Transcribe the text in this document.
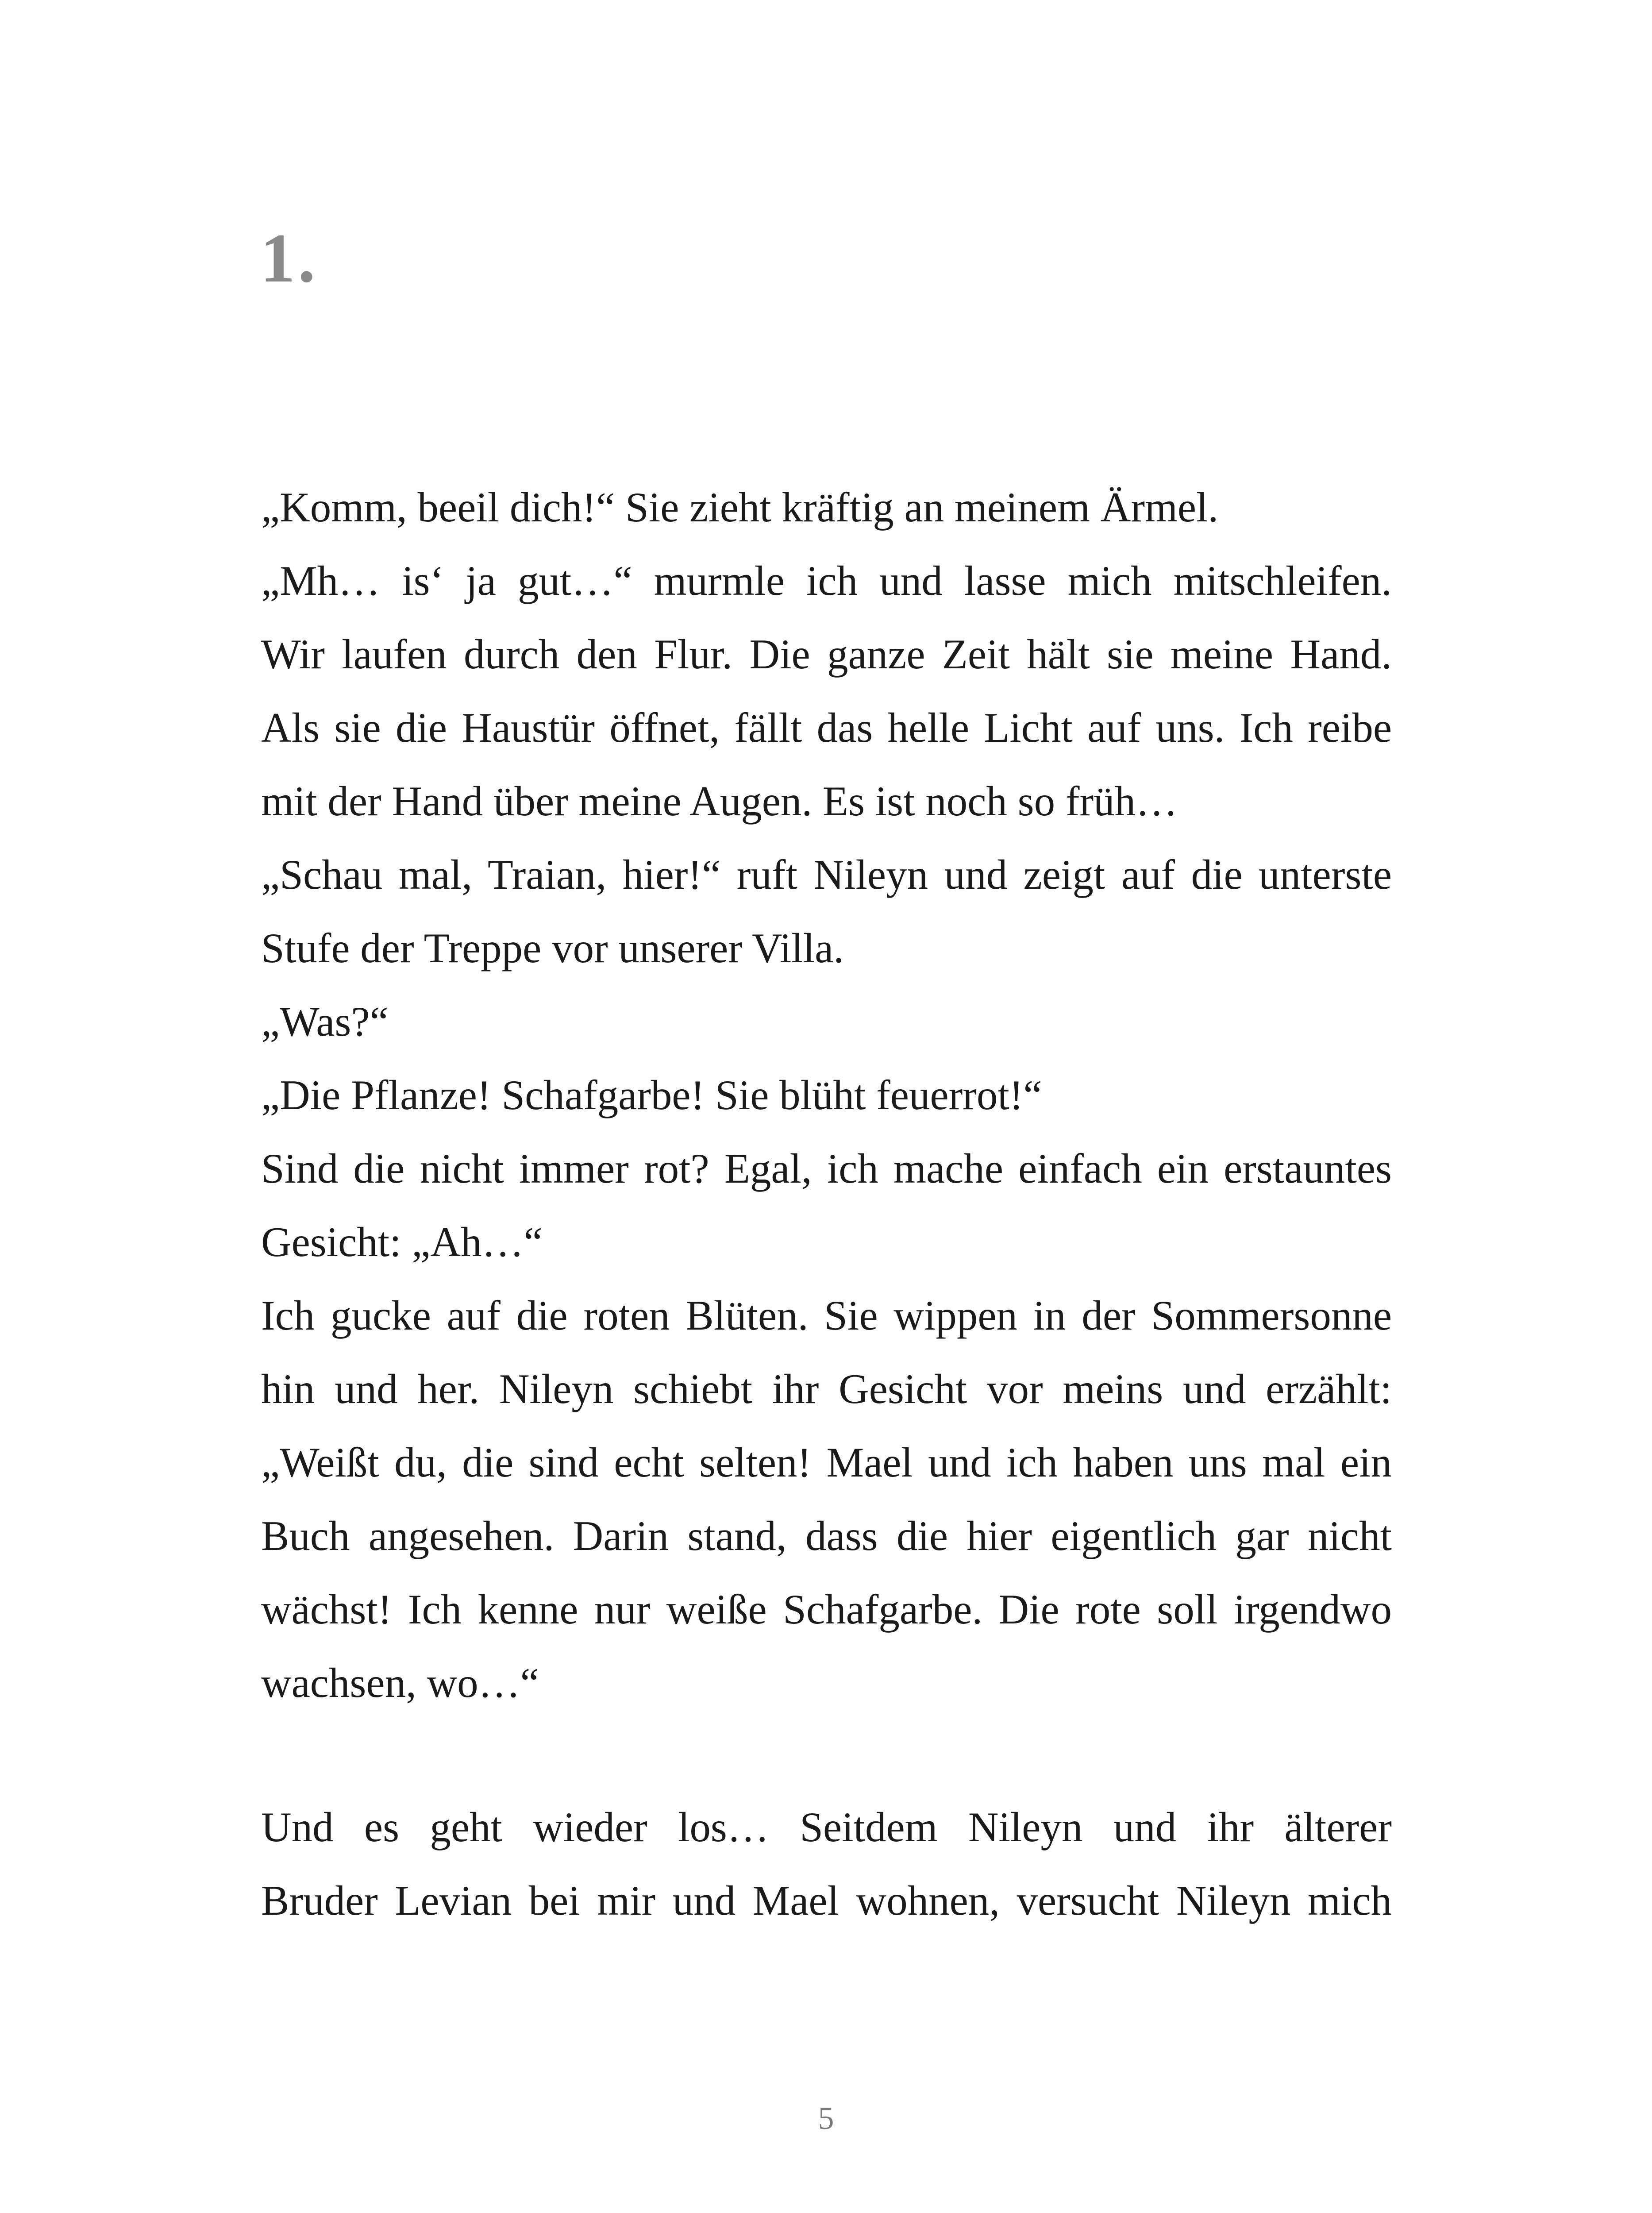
1.
„Komm, beeil dich!“ Sie zieht kräftig an meinem Ärmel.
„Mh… is‘ ja gut…“ murmle ich und lasse mich mitschleifen.
Wir laufen durch den Flur. Die ganze Zeit hält sie meine Hand.
Als sie die Haustür öffnet, fällt das helle Licht auf uns. Ich reibe
mit der Hand über meine Augen. Es ist noch so früh…
„Schau mal, Traian, hier!“ ruft Nileyn und zeigt auf die unterste
Stufe der Treppe vor unserer Villa.
„Was?“
„Die Pflanze! Schafgarbe! Sie blüht feuerrot!“
Sind die nicht immer rot? Egal, ich mache einfach ein erstauntes
Gesicht: „Ah…“
Ich gucke auf die roten Blüten. Sie wippen in der Sommersonne
hin und her. Nileyn schiebt ihr Gesicht vor meins und erzählt:
„Weißt du, die sind echt selten! Mael und ich haben uns mal ein
Buch angesehen. Darin stand, dass die hier eigentlich gar nicht
wächst! Ich kenne nur weiße Schafgarbe. Die rote soll irgendwo
wachsen, wo…“
Und es geht wieder los… Seitdem Nileyn und ihr älterer
Bruder Levian bei mir und Mael wohnen, versucht Nileyn mich
5
